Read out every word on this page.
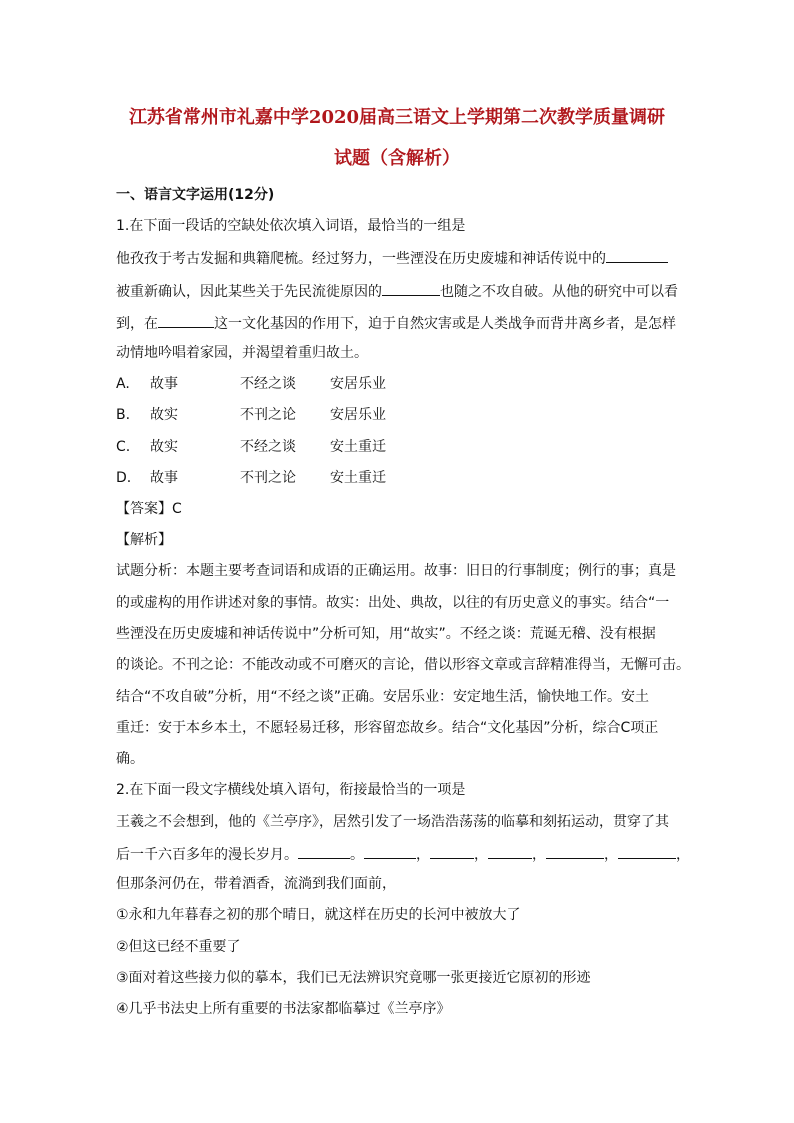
江苏省常州市礼嘉中学2020届高三语文上学期第二次教学质量调研
试题（含解析）
一、语言文字运用(12分)
1.在下面一段话的空缺处依次填入词语，最恰当的一组是
他孜孜于考古发掘和典籍爬梳。经过努力，一些湮没在历史废墟和神话传说中的
被重新确认，因此某些关于先民流徙原因的	也随之不攻自破。从他的研究中可以看
到，在	这一文化基因的作用下，迫于自然灾害或是人类战争而背井离乡者，是怎样
动情地吟唱着家园，并渴望着重归故土。
A. 故事	不经之谈 安居乐业
B. 故实	不刊之论 安居乐业
C. 故实	不经之谈 安土重迁
D. 故事	不刊之论 安土重迁
【答案】C
【解析】
试题分析：本题主要考查词语和成语的正确运用。故事：旧日的行事制度；例行的事；真是
的或虚构的用作讲述对象的事情。故实：出处、典故，以往的有历史意义的事实。结合“一
些湮没在历史废墟和神话传说中”分析可知，用“故实”。不经之谈：荒诞无稽、没有根据
的谈论。不刊之论：不能改动或不可磨灭的言论，借以形容文章或言辞精准得当，无懈可击。
结合“不攻自破”分析，用“不经之谈”正确。安居乐业：安定地生活，愉快地工作。安土
重迁：安于本乡本土，不愿轻易迁移，形容留恋故乡。结合“文化基因”分析，综合C项正
确。
2.在下面一段文字横线处填入语句，衔接最恰当的一项是
王羲之不会想到，他的《兰亭序》，居然引发了一场浩浩荡荡的临摹和刻拓运动，贯穿了其
后一千六百多年的漫长岁月。	。	，	，	，	，	，
但那条河仍在，带着酒香，流淌到我们面前，
①永和九年暮春之初的那个晴日，就这样在历史的长河中被放大了
②但这已经不重要了
③面对着这些接力似的摹本，我们已无法辨识究竟哪一张更接近它原初的形迹
④几乎书法史上所有重要的书法家都临摹过《兰亭序》
